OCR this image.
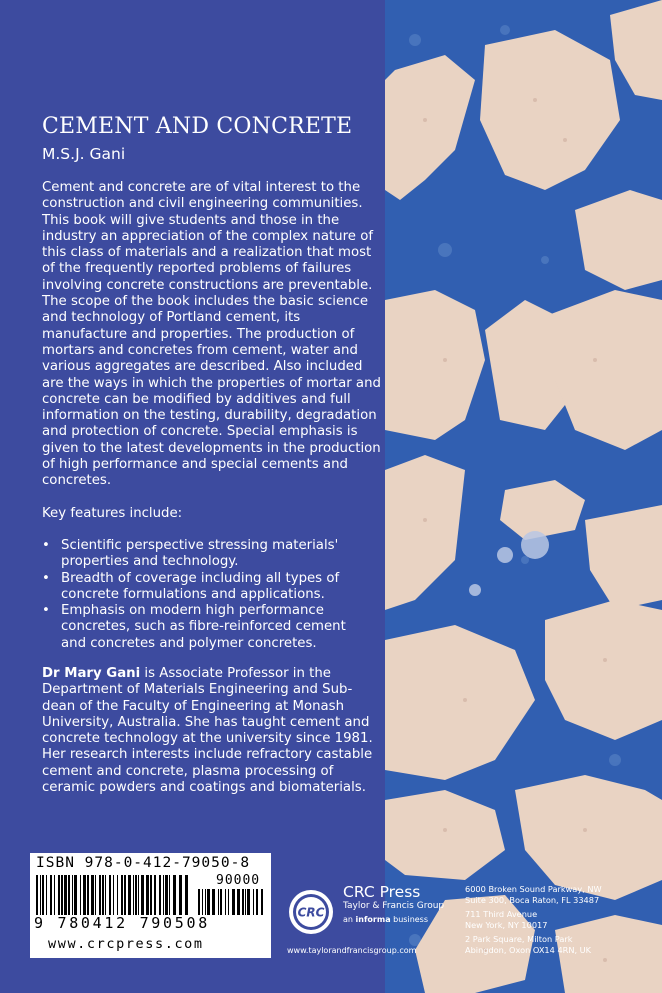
CEMENT AND CONCRETE

M.S.J. Gani

Cement and concrete are of vital interest to the construction and civil engineering communities. This book will give students and those in the industry an appreciation of the complex nature of this class of materials and a realization that most of the frequently reported problems of failures involving concrete constructions are preventable. The scope of the book includes the basic science and technology of Portland cement, its manufacture and properties. The production of mortars and concretes from cement, water and various aggregates are described. Also included are the ways in which the properties of mortar and concrete can be modified by additives and full information on the testing, durability, degradation and protection of concrete. Special emphasis is given to the latest developments in the production of high performance and special cements and concretes.

Key features include:

• Scientific perspective stressing materials' properties and technology.
• Breadth of coverage including all types of concrete formulations and applications.
• Emphasis on modern high performance concretes, such as fibre-reinforced cement and concretes and polymer concretes.

Dr Mary Gani is Associate Professor in the Department of Materials Engineering and Sub-dean of the Faculty of Engineering at Monash University, Australia. She has taught cement and concrete technology at the university since 1981. Her research interests include refractory castable cement and concrete, plasma processing of ceramic powders and coatings and biomaterials.

ISBN 978-0-412-79050-8
90000
9 780412 790508
www.crcpress.com
CRC
CRC Press
Taylor & Francis Group
an informa business
www.taylorandfrancisgroup.com
6000 Broken Sound Parkway, NW
Suite 300, Boca Raton, FL 33487
711 Third Avenue
New York, NY 10017
2 Park Square, Milton Park
Abingdon, Oxon OX14 4RN, UK
